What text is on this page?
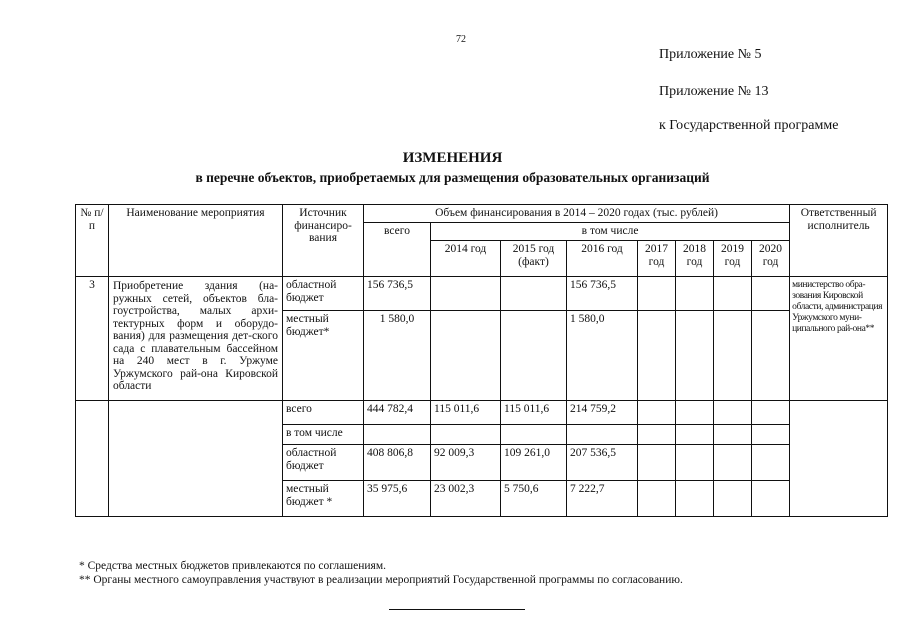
72
Приложение № 5
Приложение № 13
к Государственной программе
ИЗМЕНЕНИЯ
в перечне объектов, приобретаемых для размещения образовательных организаций
№ п/п	Наименование мероприятия	Источник финансиро-вания	Объем финансирования в 2014 – 2020 годах (тыс. рублей)								Ответственный исполнитель
			всего	в том числе							
				2014 год	2015 год (факт)	2016 год	2017 год	2018 год	2019 год	2020 год	
3	Приобретение здания (на-ружных сетей, объектов бла-гоустройства, малых архи-тектурных форм и оборудо-вания) для размещения дет-ского сада с плавательным бассейном на 240 мест в г. Уржуме Уржумского рай-она Кировской области	областной бюджет	156 736,5			156 736,5					министерство обра-зования Кировской области, администрация Уржумского муни-ципального рай-она**
		местный бюджет*	1 580,0			1 580,0					
		всего	444 782,4	115 011,6	115 011,6	214 759,2					
		в том числе									
		областной бюджет	408 806,8	92 009,3	109 261,0	207 536,5					
		местный бюджет *	35 975,6	23 002,3	5 750,6	7 222,7					
* Средства местных бюджетов привлекаются по соглашениям.
** Органы местного самоуправления участвуют в реализации мероприятий Государственной программы по согласованию.
